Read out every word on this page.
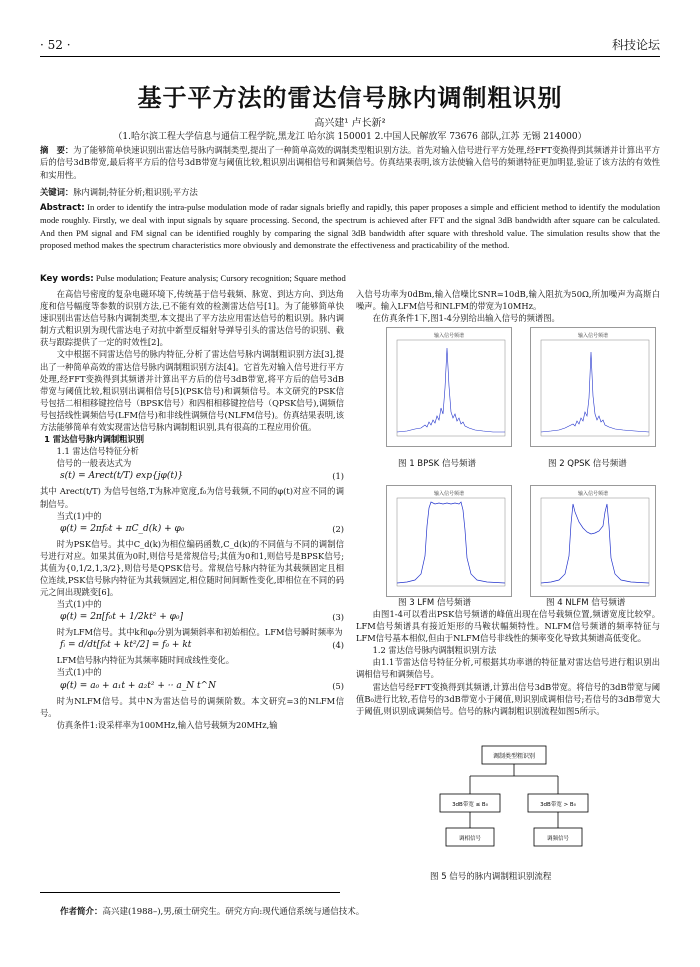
· 52 ·	科技论坛
基于平方法的雷达信号脉内调制粗识别
高兴建¹ 卢长新²
（1.哈尔滨工程大学信息与通信工程学院,黑龙江 哈尔滨 150001 2.中国人民解放军 73676 部队,江苏 无锡 214000）
摘　要：为了能够简单快速识别出雷达信号脉内调制类型,提出了一种简单高效的调制类型粗识别方法。首先对输入信号进行平方处理,经FFT变换得到其频谱并计算出平方后的信号3dB带宽,最后将平方后的信号3dB带宽与阈值比较,粗识别出调相信号和调频信号。仿真结果表明,该方法使输入信号的频谱特征更加明显,验证了该方法的有效性和实用性。
关键词：脉内调制;特征分析;粗识别;平方法
Abstract: In order to identify the intra-pulse modulation mode of radar signals briefly and rapidly, this paper proposes a simple and efficient method to identify the modulation mode roughly. Firstly, we deal with input signals by square processing. Second, the spectrum is achieved after FFT and the signal 3dB bandwidth after square can be calculated. And then PM signal and FM signal can be identified roughly by comparing the signal 3dB bandwidth after square with threshold value. The simulation results show that the proposed method makes the spectrum characteristics more obviously and demonstrate the effectiveness and practicability of the method.
Key words: Pulse modulation; Feature analysis; Cursory recognition; Square method

在高信号密度的复杂电磁环境下,传统基于信号载频、脉宽、到达方向、到达角度和信号幅度等参数的识别方法,已不能有效的检测雷达信号[1]。为了能够简单快速识别出雷达信号脉内调制类型,本文提出了平方法应用雷达信号的粗识别。脉内调制方式粗识别为现代雷达电子对抗中新型反辐射导弹导引头的雷达信号的识别、截获与跟踪提供了一定的时效性[2]。

文中根据不同雷达信号的脉内特征,分析了雷达信号脉内调制粗识别方法[3],提出了一种简单高效的雷达信号脉内调制粗识别方法[4]。它首先对输入信号进行平方处理,经FFT变换得到其频谱并计算出平方后的信号3dB带宽,将平方后的信号3dB带宽与阈值比较,粗识别出调相信号[5](PSK信号)和调频信号。本文研究的PSK信号包括二相相移键控信号（BPSK信号）和四相相移键控信号（QPSK信号),调频信号包括线性调频信号(LFM信号)和非线性调频信号(NLFM信号)。仿真结果表明,该方法能够简单有效实现雷达信号脉内调制粗识别,具有很高的工程应用价值。

1 雷达信号脉内调制粗识别

1.1 雷达信号特征分析

信号的一般表达式为

s(t) = Arect(t/T) exp{jφ(t)}	(1)

其中 Arect(t/T) 为信号包络,T为脉冲宽度,f₀为信号载频,不同的φ(t)对应不同的调制信号。

当式(1)中的

φ(t) = 2πf₀t + πC_d(k) + φ₀	(2)

时为PSK信号。其中C_d(k)为相位编码函数,C_d(k)的不同值与不同的调制信号进行对应。如果其值为0时,则信号是常规信号;其值为0和1,则信号是BPSK信号;其值为{0,1/2,1,3/2},则信号是QPSK信号。常规信号脉内特征为其载频固定且相位连续,PSK信号脉内特征为其载频固定,相位随时间间断性变化,即相位在不同的码元之间出现跳变[6]。

当式(1)中的

φ(t) = 2π[f₀t + 1/2kt² + φ₀]	(3)

时为LFM信号。其中k和φ₀分别为调频斜率和初始相位。LFM信号瞬时频率为

fᵢ = d/dt[f₀t + kt²/2] = f₀ + kt	(4)

LFM信号脉内特征为其频率随时间成线性变化。

当式(1)中的

φ(t) = a₀ + a₁t + a₂t² + ·· a_N t^N	(5)

时为NLFM信号。其中N为雷达信号的调频阶数。本文研究=3的NLFM信号。

仿真条件1:设采样率为100MHz,输入信号载频为20MHz,输

入信号功率为0dBm,输入信噪比SNR=10dB,输入阻抗为50Ω,所加噪声为高斯白噪声。输入LFM信号和NLFM的带宽为10MHz。

在仿真条件1下,图1-4分别给出输入信号的频谱图。

输入信号频谱	输入信号频谱
图 1 BPSK 信号频谱	图 2 QPSK 信号频谱
输入信号频谱	输入信号频谱
图 3 LFM 信号频谱	图 4 NLFM 信号频谱

由图1-4可以看出PSK信号频谱的峰值出现在信号载频位置,频谱宽度比较窄。LFM信号频谱具有接近矩形的马鞍状幅频特性。NLFM信号频谱的频率特征与LFM信号基本相似,但由于NLFM信号非线性的频率变化导致其频谱高低变化。

1.2 雷达信号脉内调制粗识别方法

由1.1节雷达信号特征分析,可根据其功率谱的特征量对雷达信号进行粗识别出调相信号和调频信号。

雷达信号经FFT变换得到其频谱,计算出信号3dB带宽。将信号的3dB带宽与阈值B₀进行比较,若信号的3dB带宽小于阈值,则识别成调相信号;若信号的3dB带宽大于阈值,则识别成调频信号。信号的脉内调制粗识别流程如图5所示。

调制类型粗识别
3dB带宽 ≤ B₀	3dB带宽 > B₀
调相信号	调频信号
图 5 信号的脉内调制粗识别流程
作者简介：高兴建(1988–),男,硕士研究生。研究方向:现代通信系统与通信技术。
